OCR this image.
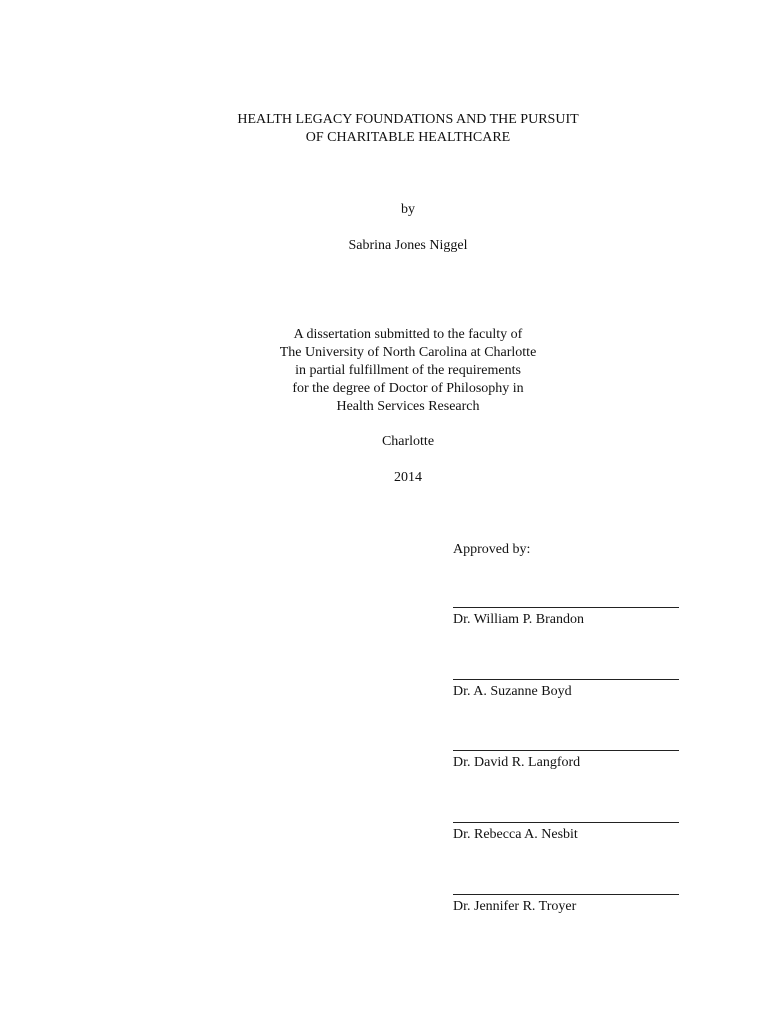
HEALTH LEGACY FOUNDATIONS AND THE PURSUIT
OF CHARITABLE HEALTHCARE
by
Sabrina Jones Niggel
A dissertation submitted to the faculty of
The University of North Carolina at Charlotte
in partial fulfillment of the requirements
for the degree of Doctor of Philosophy in
Health Services Research
Charlotte
2014
Approved by:
Dr. William P. Brandon
Dr. A. Suzanne Boyd
Dr. David R. Langford
Dr. Rebecca A. Nesbit
Dr. Jennifer R. Troyer
